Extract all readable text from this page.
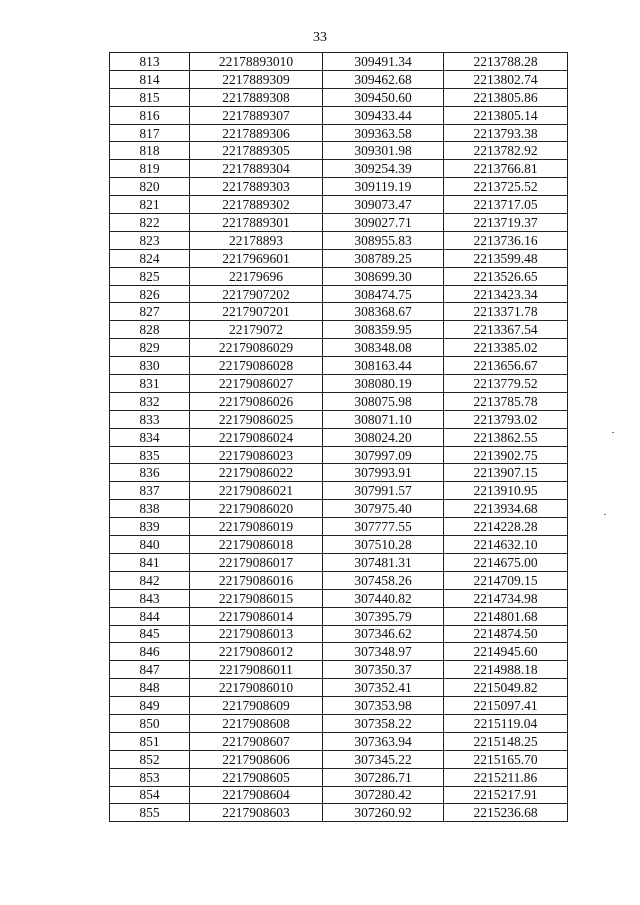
33
813	22178893010	309491.34	2213788.28
814	2217889309	309462.68	2213802.74
815	2217889308	309450.60	2213805.86
816	2217889307	309433.44	2213805.14
817	2217889306	309363.58	2213793.38
818	2217889305	309301.98	2213782.92
819	2217889304	309254.39	2213766.81
820	2217889303	309119.19	2213725.52
821	2217889302	309073.47	2213717.05
822	2217889301	309027.71	2213719.37
823	22178893	308955.83	2213736.16
824	2217969601	308789.25	2213599.48
825	22179696	308699.30	2213526.65
826	2217907202	308474.75	2213423.34
827	2217907201	308368.67	2213371.78
828	22179072	308359.95	2213367.54
829	22179086029	308348.08	2213385.02
830	22179086028	308163.44	2213656.67
831	22179086027	308080.19	2213779.52
832	22179086026	308075.98	2213785.78
833	22179086025	308071.10	2213793.02
834	22179086024	308024.20	2213862.55
835	22179086023	307997.09	2213902.75
836	22179086022	307993.91	2213907.15
837	22179086021	307991.57	2213910.95
838	22179086020	307975.40	2213934.68
839	22179086019	307777.55	2214228.28
840	22179086018	307510.28	2214632.10
841	22179086017	307481.31	2214675.00
842	22179086016	307458.26	2214709.15
843	22179086015	307440.82	2214734.98
844	22179086014	307395.79	2214801.68
845	22179086013	307346.62	2214874.50
846	22179086012	307348.97	2214945.60
847	22179086011	307350.37	2214988.18
848	22179086010	307352.41	2215049.82
849	2217908609	307353.98	2215097.41
850	2217908608	307358.22	2215119.04
851	2217908607	307363.94	2215148.25
852	2217908606	307345.22	2215165.70
853	2217908605	307286.71	2215211.86
854	2217908604	307280.42	2215217.91
855	2217908603	307260.92	2215236.68
